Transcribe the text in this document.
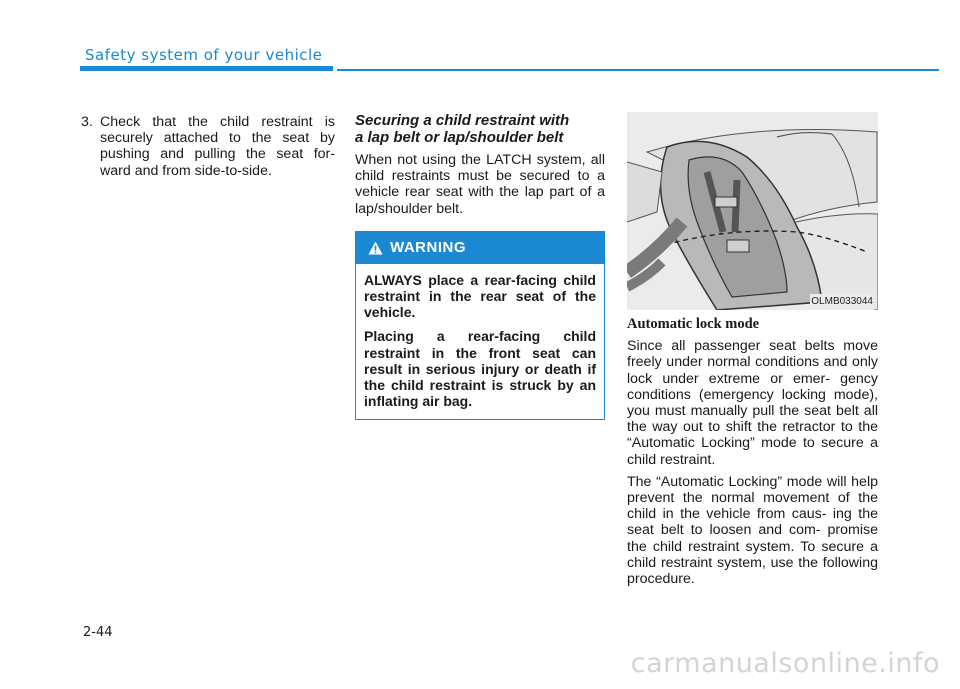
Safety system of your vehicle
3. Check that the child restraint is securely attached to the seat by pushing and pulling the seat for- ward and from side-to-side.
Securing a child restraint with
a lap belt or lap/shoulder belt

When not using the LATCH system, all child restraints must be secured to a vehicle rear seat with the lap part of a lap/shoulder belt.

WARNING

ALWAYS place a rear-facing child restraint in the rear seat of the vehicle.

Placing a rear-facing child restraint in the front seat can result in serious injury or death if the child restraint is struck by an inflating air bag.

OLMB033044
Automatic lock mode

Since all passenger seat belts move freely under normal conditions and only lock under extreme or emer- gency conditions (emergency locking mode), you must manually pull the seat belt all the way out to shift the retractor to the “Automatic Locking” mode to secure a child restraint.

The “Automatic Locking” mode will help prevent the normal movement of the child in the vehicle from caus- ing the seat belt to loosen and com- promise the child restraint system. To secure a child restraint system, use the following procedure.

2-44
carmanualsonline.info
